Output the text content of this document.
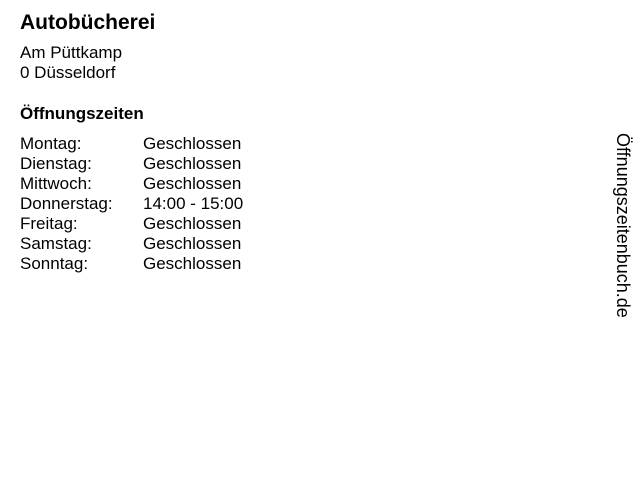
Autobücherei
Am Püttkamp
0 Düsseldorf
Öffnungszeiten
Montag:	Geschlossen
Dienstag:	Geschlossen
Mittwoch:	Geschlossen
Donnerstag:	14:00 - 15:00
Freitag:	Geschlossen
Samstag:	Geschlossen
Sonntag:	Geschlossen	Öffnungszeitenbuch.de
